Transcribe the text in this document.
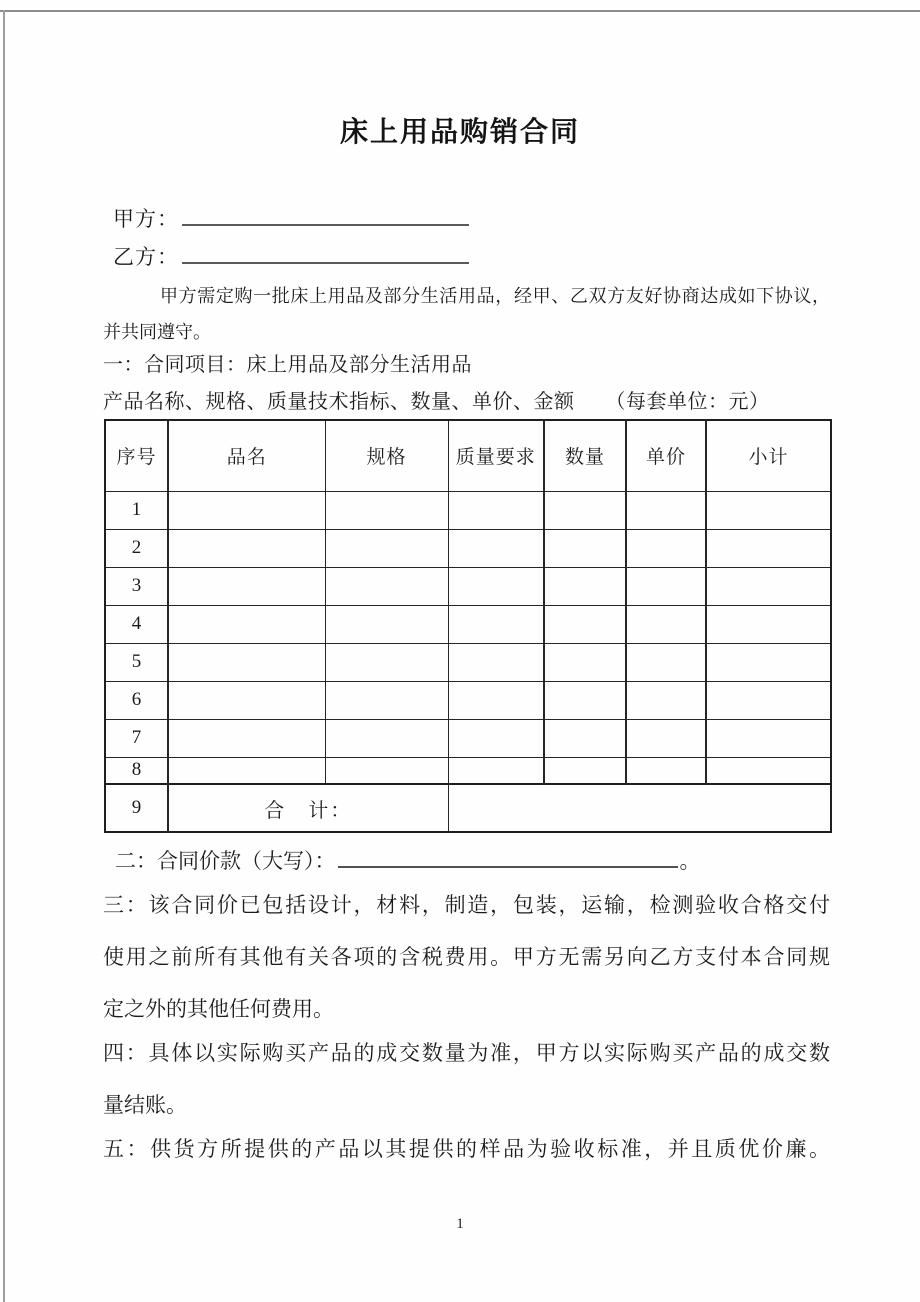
床上用品购销合同
甲方：
乙方：
甲方需定购一批床上用品及部分生活用品，经甲、乙双方友好协商达成如下协议，
并共同遵守。
一：合同项目：床上用品及部分生活用品
产品名称、规格、质量技术指标、数量、单价、金额　　（每套单位：元）
序号	品名	规格	质量要求	数量	单价	小计
1						
2						
3						
4						
5						
6						
7						
8						
9	合　计：					
二：合同价款（大写）：	。
三：该合同价已包括设计，材料，制造，包装，运输，检测验收合格交付
使用之前所有其他有关各项的含税费用。甲方无需另向乙方支付本合同规
定之外的其他任何费用。
四：具体以实际购买产品的成交数量为准，甲方以实际购买产品的成交数
量结账。
五：供货方所提供的产品以其提供的样品为验收标准，并且质优价廉。
1
